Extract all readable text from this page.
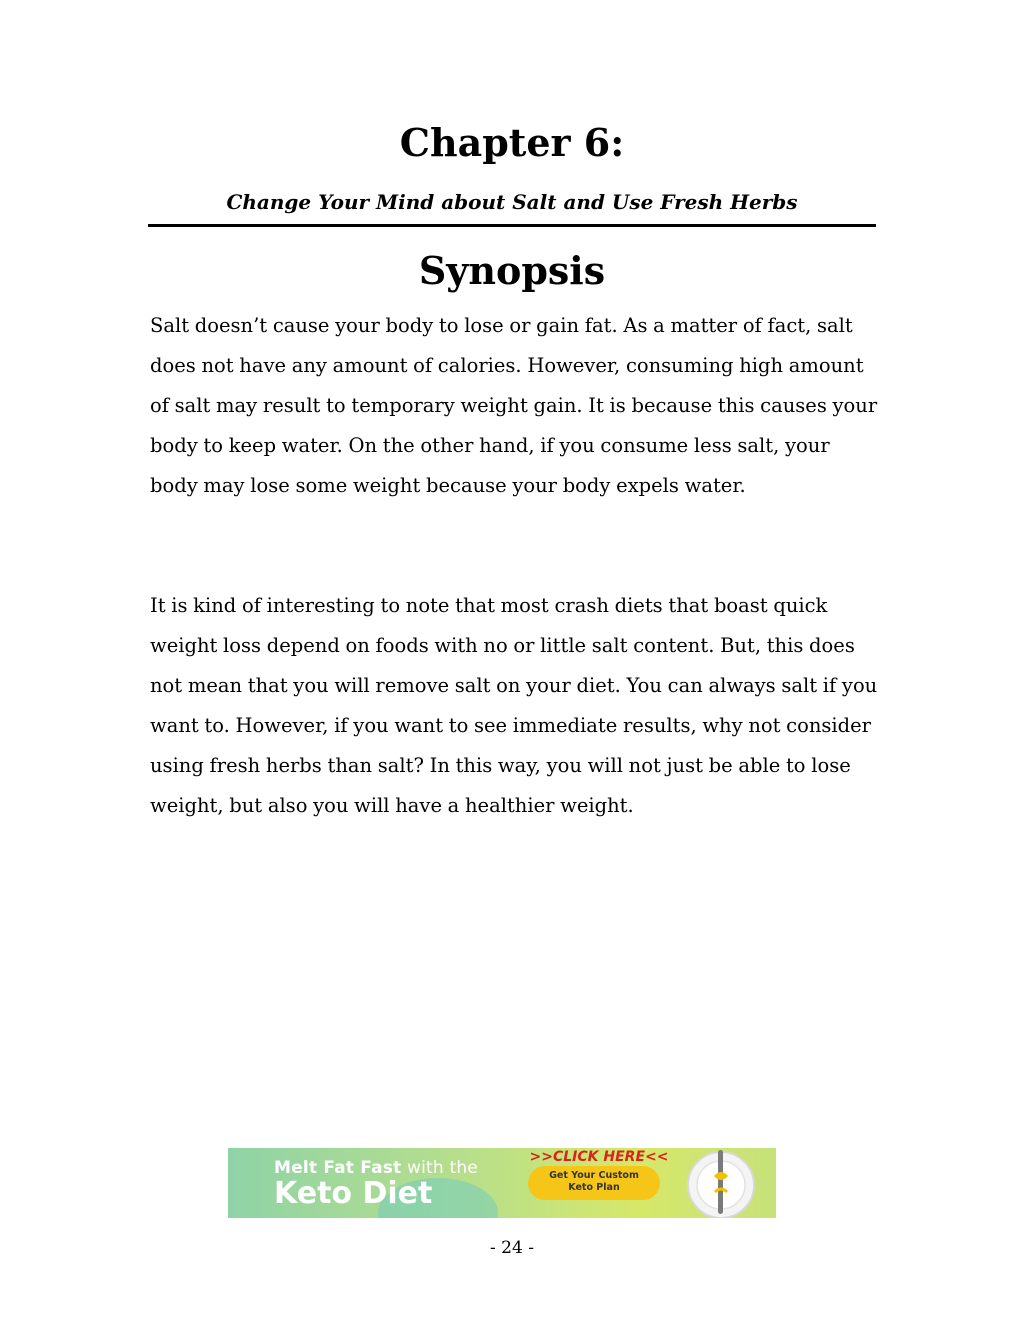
Chapter 6:

Change Your Mind about Salt and Use Fresh Herbs

Synopsis

Salt doesn’t cause your body to lose or gain fat. As a matter of fact, salt does not have any amount of calories. However, consuming high amount of salt may result to temporary weight gain. It is because this causes your body to keep water. On the other hand, if you consume less salt, your body may lose some weight because your body expels water.

It is kind of interesting to note that most crash diets that boast quick weight loss depend on foods with no or little salt content. But, this does not mean that you will remove salt on your diet. You can always salt if you want to. However, if you want to see immediate results, why not consider using fresh herbs than salt? In this way, you will not just be able to lose weight, but also you will have a healthier weight.

Melt Fat Fast with the
Keto Diet
>>CLICK HERE<<
Get Your Custom
Keto Plan

- 24 -
